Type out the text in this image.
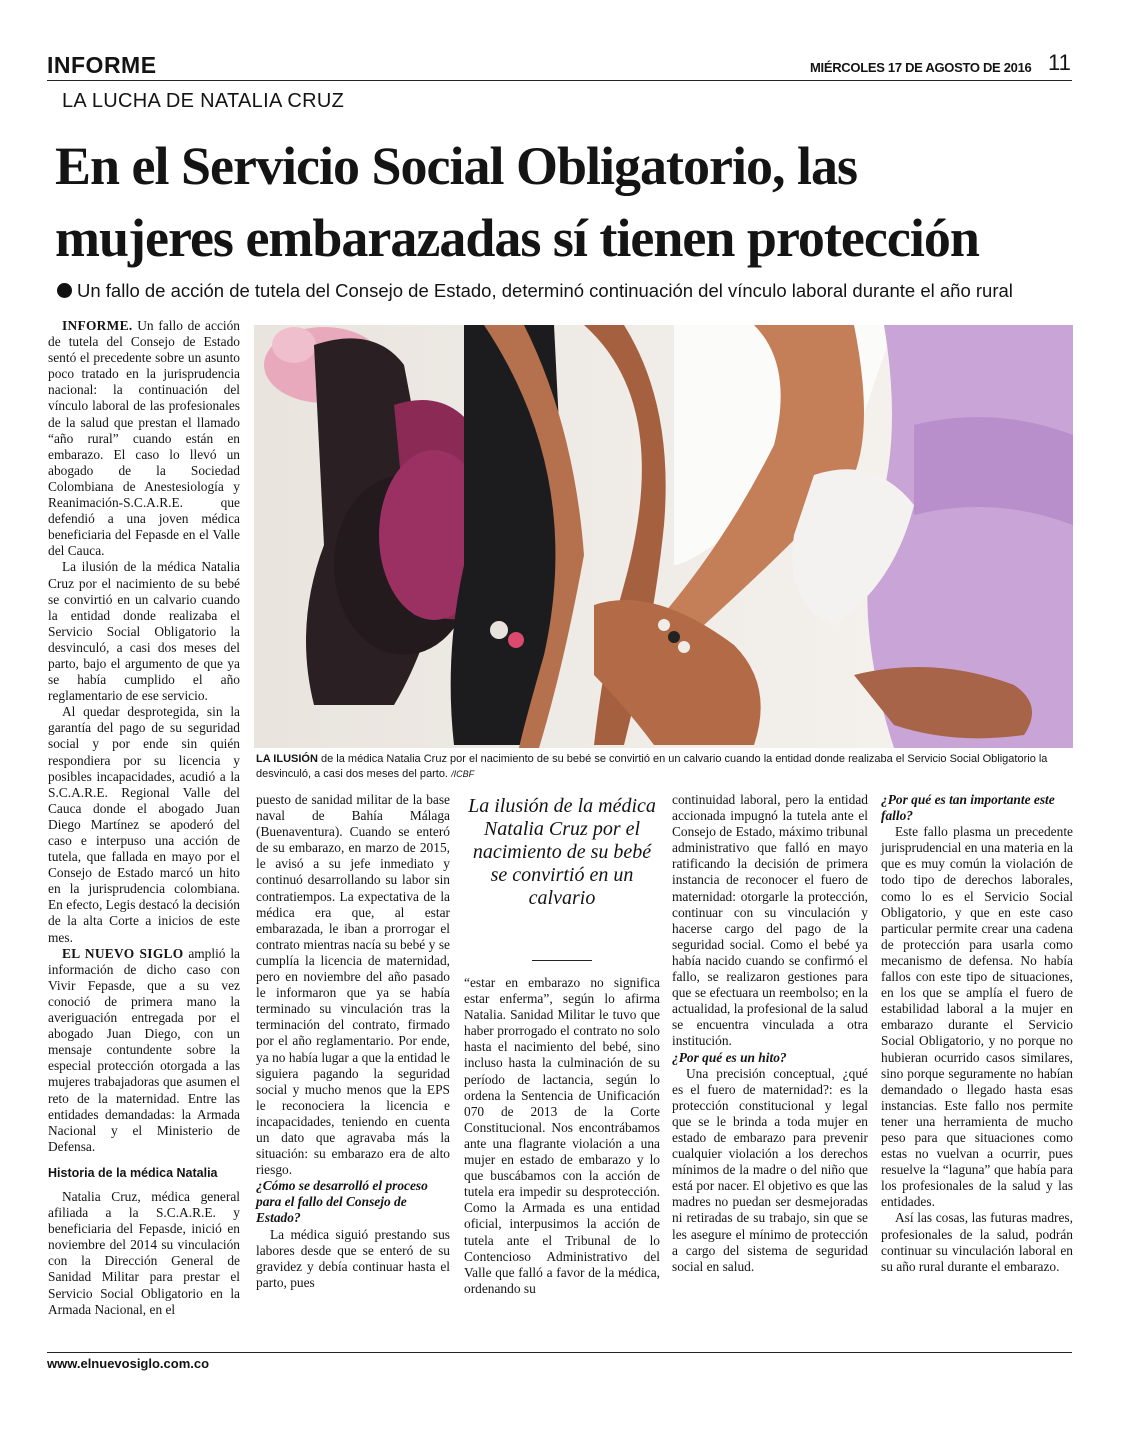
INFORME	MIÉRCOLES 17 DE AGOSTO DE 2016 11
LA LUCHA DE NATALIA CRUZ
En el Servicio Social Obligatorio, las
mujeres embarazadas sí tienen protección
Un fallo de acción de tutela del Consejo de Estado, determinó continuación del vínculo laboral durante el año rural

INFORME. Un fallo de acción de tutela del Consejo de Estado sentó el precedente sobre un asunto poco tratado en la jurisprudencia nacional: la continuación del vínculo laboral de las profesionales de la salud que prestan el llamado “año rural” cuando están en embarazo. El caso lo llevó un abogado de la Sociedad Colombiana de Anestesiología y Reanimación-S.C.A.R.E. que defendió a una joven médica beneficiaria del Fepasde en el Valle del Cauca.

La ilusión de la médica Natalia Cruz por el nacimiento de su bebé se convirtió en un calvario cuando la entidad donde realizaba el Servicio Social Obligatorio la desvinculó, a casi dos meses del parto, bajo el argumento de que ya se había cumplido el año reglamentario de ese servicio.

Al quedar desprotegida, sin la garantía del pago de su seguridad social y por ende sin quién respondiera por su licencia y posibles incapacidades, acudió a la S.C.A.R.E. Regional Valle del Cauca donde el abogado Juan Diego Martínez se apoderó del caso e interpuso una acción de tutela, que fallada en mayo por el Consejo de Estado marcó un hito en la jurisprudencia colombiana. En efecto, Legis destacó la decisión de la alta Corte a inicios de este mes.

EL NUEVO SIGLO amplió la información de dicho caso con Vivir Fepasde, que a su vez conoció de primera mano la averiguación entregada por el abogado Juan Diego, con un mensaje contundente sobre la especial protección otorgada a las mujeres trabajadoras que asumen el reto de la maternidad. Entre las entidades demandadas: la Armada Nacional y el Ministerio de Defensa.

Historia de la médica Natalia

Natalia Cruz, médica general afiliada a la S.C.A.R.E. y beneficiaria del Fepasde, inició en noviembre del 2014 su vinculación con la Dirección General de Sanidad Militar para prestar el Servicio Social Obligatorio en la Armada Nacional, en el

LA ILUSIÓN de la médica Natalia Cruz por el nacimiento de su bebé se convirtió en un calvario cuando la entidad donde realizaba el Servicio Social Obligatorio la desvinculó, a casi dos meses del parto. /ICBF

puesto de sanidad militar de la base naval de Bahía Málaga (Buenaventura). Cuando se enteró de su embarazo, en marzo de 2015, le avisó a su jefe inmediato y continuó desarrollando su labor sin contratiempos. La expectativa de la médica era que, al estar embarazada, le iban a prorrogar el contrato mientras nacía su bebé y se cumplía la licencia de maternidad, pero en noviembre del año pasado le informaron que ya se había terminado su vinculación tras la terminación del contrato, firmado por el año reglamentario. Por ende, ya no había lugar a que la entidad le siguiera pagando la seguridad social y mucho menos que la EPS le reconociera la licencia e incapacidades, teniendo en cuenta un dato que agravaba más la situación: su embarazo era de alto riesgo.

¿Cómo se desarrolló el proceso para el fallo del Consejo de Estado?

La médica siguió prestando sus labores desde que se enteró de su gravidez y debía continuar hasta el parto, pues

La ilusión de la médica Natalia Cruz por el nacimiento de su bebé se convirtió en un calvario

“estar en embarazo no significa estar enferma”, según lo afirma Natalia. Sanidad Militar le tuvo que haber prorrogado el contrato no solo hasta el nacimiento del bebé, sino incluso hasta la culminación de su período de lactancia, según lo ordena la Sentencia de Unificación 070 de 2013 de la Corte Constitucional. Nos encontrábamos ante una flagrante violación a una mujer en estado de embarazo y lo que buscábamos con la acción de tutela era impedir su desprotección. Como la Armada es una entidad oficial, interpusimos la acción de tutela ante el Tribunal de lo Contencioso Administrativo del Valle que falló a favor de la médica, ordenando su

continuidad laboral, pero la entidad accionada impugnó la tutela ante el Consejo de Estado, máximo tribunal administrativo que falló en mayo ratificando la decisión de primera instancia de reconocer el fuero de maternidad: otorgarle la protección, continuar con su vinculación y hacerse cargo del pago de la seguridad social. Como el bebé ya había nacido cuando se confirmó el fallo, se realizaron gestiones para que se efectuara un reembolso; en la actualidad, la profesional de la salud se encuentra vinculada a otra institución.

¿Por qué es un hito?

Una precisión conceptual, ¿qué es el fuero de maternidad?: es la protección constitucional y legal que se le brinda a toda mujer en estado de embarazo para prevenir cualquier violación a los derechos mínimos de la madre o del niño que está por nacer. El objetivo es que las madres no puedan ser desmejoradas ni retiradas de su trabajo, sin que se les asegure el mínimo de protección a cargo del sistema de seguridad social en salud.

¿Por qué es tan importante este fallo?

Este fallo plasma un precedente jurisprudencial en una materia en la que es muy común la violación de todo tipo de derechos laborales, como lo es el Servicio Social Obligatorio, y que en este caso particular permite crear una cadena de protección para usarla como mecanismo de defensa. No había fallos con este tipo de situaciones, en los que se amplía el fuero de estabilidad laboral a la mujer en embarazo durante el Servicio Social Obligatorio, y no porque no hubieran ocurrido casos similares, sino porque seguramente no habían demandado o llegado hasta esas instancias. Este fallo nos permite tener una herramienta de mucho peso para que situaciones como estas no vuelvan a ocurrir, pues resuelve la “laguna” que había para los profesionales de la salud y las entidades.

Así las cosas, las futuras madres, profesionales de la salud, podrán continuar su vinculación laboral en su año rural durante el embarazo.

www.elnuevosiglo.com.co
